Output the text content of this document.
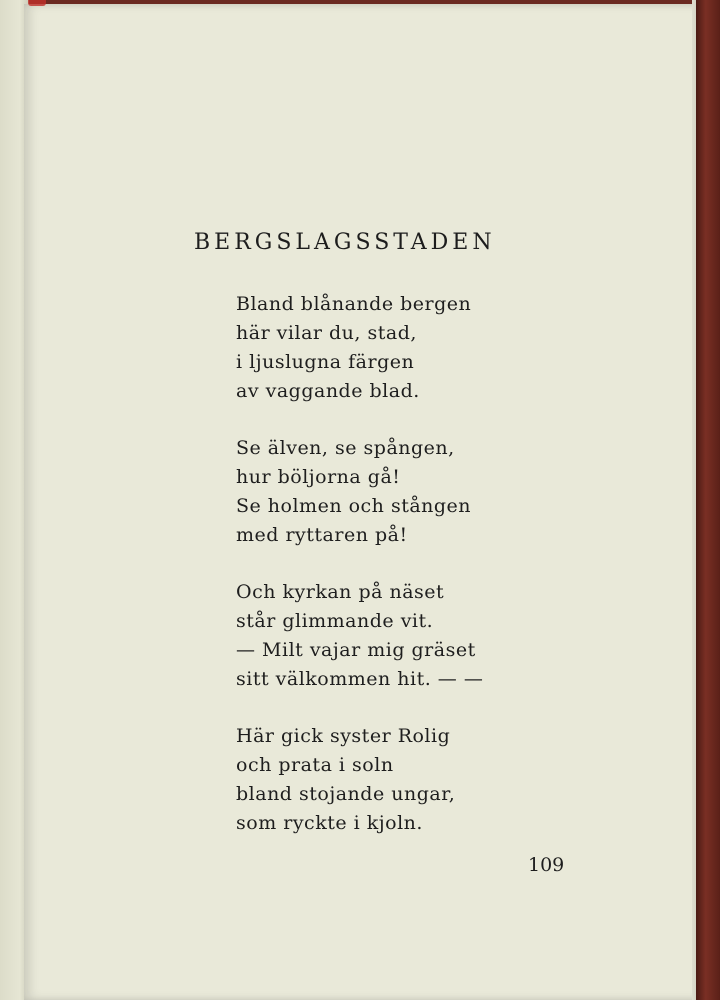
BERGSLAGSSTADEN
Bland blånande bergen
här vilar du, stad,
i ljuslugna färgen
av vaggande blad.
Se älven, se spången,
hur böljorna gå!
Se holmen och stången
med ryttaren på!
Och kyrkan på näset
står glimmande vit.
— Milt vajar mig gräset
sitt välkommen hit. — —
Här gick syster Rolig
och prata i soln
bland stojande ungar,
som ryckte i kjoln.
109
